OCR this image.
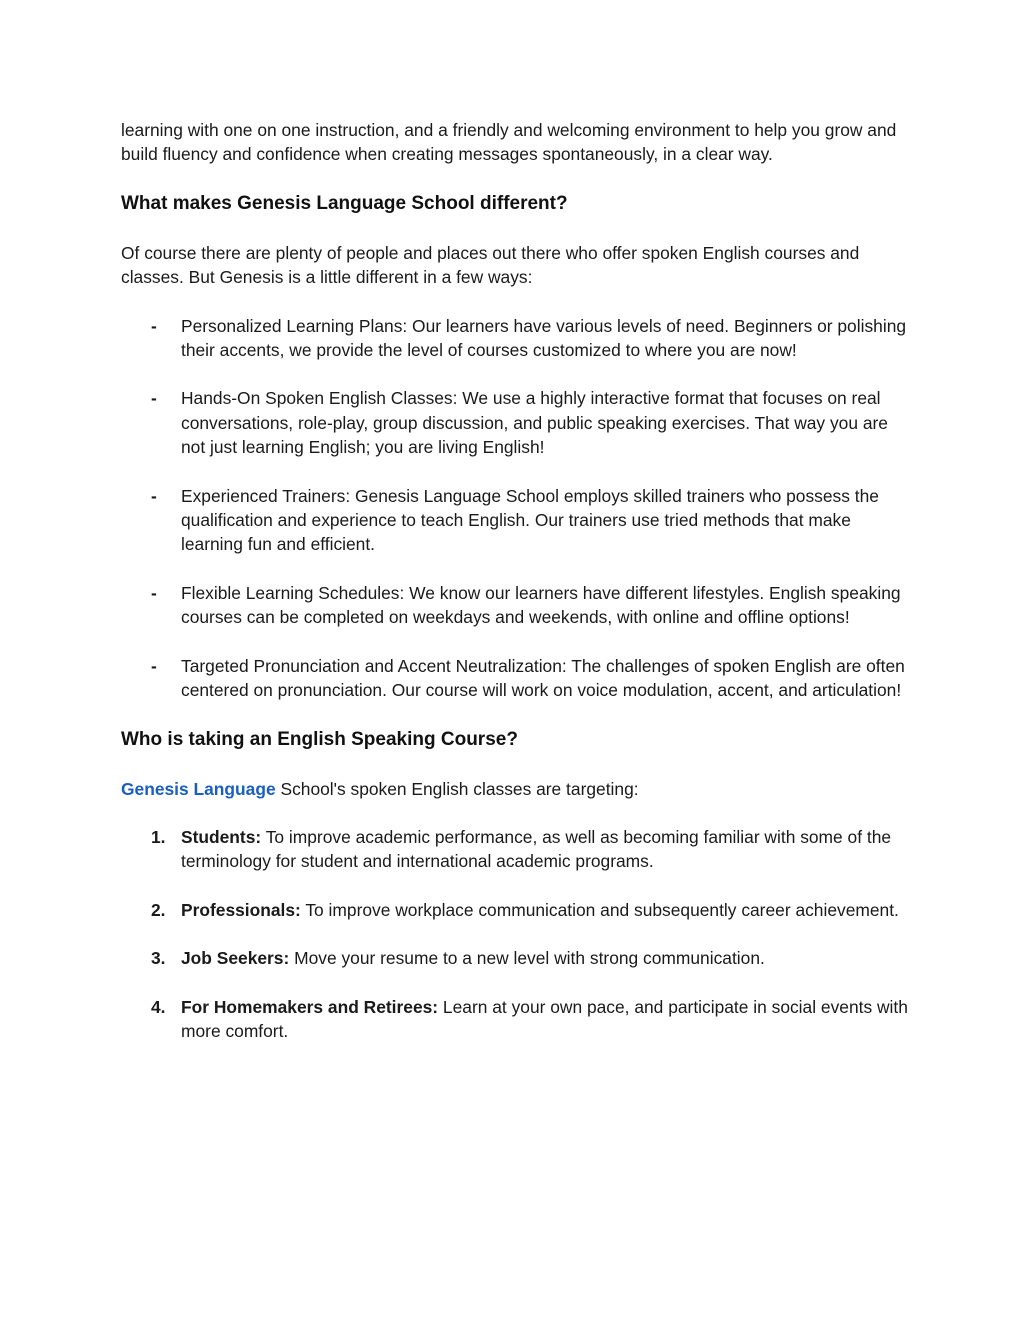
learning with one on one instruction, and a friendly and welcoming environment to help you grow and build fluency and confidence when creating messages spontaneously, in a clear way.

What makes Genesis Language School different?

Of course there are plenty of people and places out there who offer spoken English courses and classes. But Genesis is a little different in a few ways:

- Personalized Learning Plans: Our learners have various levels of need. Beginners or polishing their accents, we provide the level of courses customized to where you are now!
- Hands-On Spoken English Classes: We use a highly interactive format that focuses on real conversations, role-play, group discussion, and public speaking exercises. That way you are not just learning English; you are living English!
- Experienced Trainers: Genesis Language School employs skilled trainers who possess the qualification and experience to teach English. Our trainers use tried methods that make learning fun and efficient.
- Flexible Learning Schedules: We know our learners have different lifestyles. English speaking courses can be completed on weekdays and weekends, with online and offline options!
- Targeted Pronunciation and Accent Neutralization: The challenges of spoken English are often centered on pronunciation. Our course will work on voice modulation, accent, and articulation!
Who is taking an English Speaking Course?

Genesis Language School's spoken English classes are targeting:

1. Students: To improve academic performance, as well as becoming familiar with some of the terminology for student and international academic programs.
2. Professionals: To improve workplace communication and subsequently career achievement.
3. Job Seekers: Move your resume to a new level with strong communication.
4. For Homemakers and Retirees: Learn at your own pace, and participate in social events with more comfort.
